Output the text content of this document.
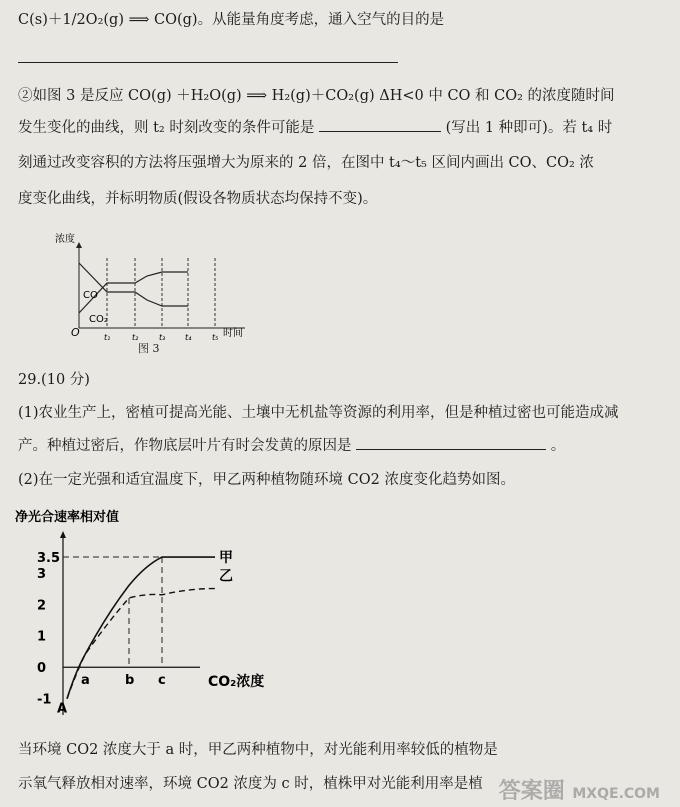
C(s)＋1/2O₂(g) ⟹ CO(g)。从能量角度考虑，通入空气的目的是
②如图 3 是反应 CO(g) ＋H₂O(g) ⟹ H₂(g)＋CO₂(g) ΔH<0 中 CO 和 CO₂ 的浓度随时间
发生变化的曲线，则 t₂ 时刻改变的条件可能是	(写出 1 种即可)。若 t₄ 时
刻通过改变容积的方法将压强增大为原来的 2 倍，在图中 t₄～t₅ 区间内画出 CO、CO₂ 浓
度变化曲线，并标明物质(假设各物质状态均保持不变)。
浓度
CO
CO₂
O	t₁	t₂	t₃ t₄	t₅ 时间
图 3
29.(10 分)
(1)农业生产上，密植可提高光能、土壤中无机盐等资源的利用率，但是种植过密也可能造成减
产。种植过密后，作物底层叶片有时会发黄的原因是	。
(2)在一定光强和适宜温度下，甲乙两种植物随环境 CO2 浓度变化趋势如图。
净光合速率相对值
3.5
3
2
1
0
-1
a	b c	CO₂浓度
A
甲
乙
当环境 CO2 浓度大于 a 时，甲乙两种植物中，对光能利用率较低的植物是
示氧气释放相对速率，环境 CO2 浓度为 c 时，植株甲对光能利用率是植 答案圈 MXQE.COM
